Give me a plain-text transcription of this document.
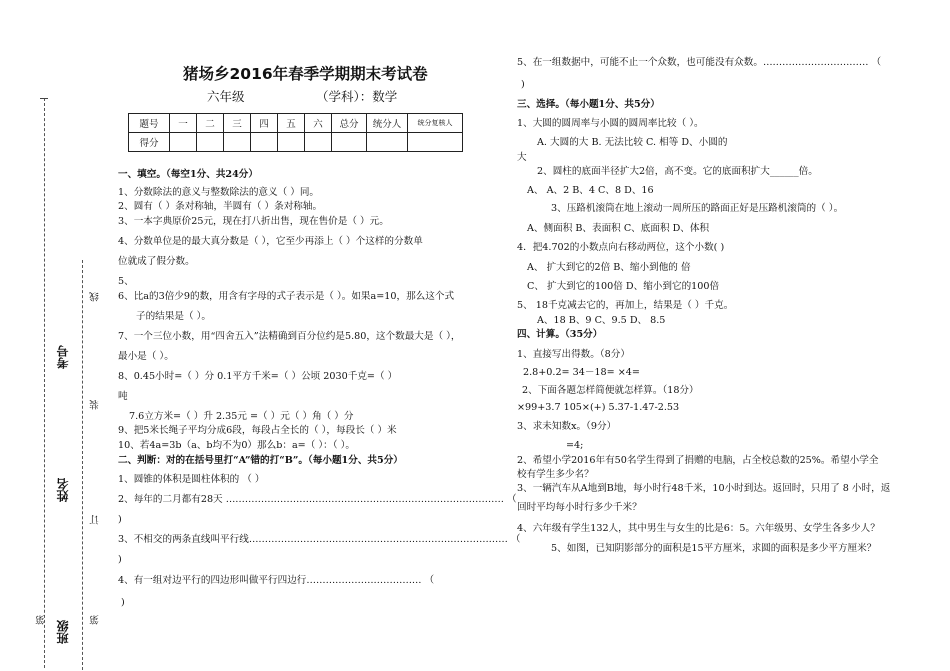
线
考号
装
姓名
订
第	第
班级
猪场乡2016年春季学期期末考试卷
六年级	（学科）：数学
题号	一	二	三	四	五	六	总分	统分人	统分复核人
得分									
一、填空。（每空1分、共24分）
1、分数除法的意义与整数除法的意义（ ）同。
2、圆有（ ）条对称轴，半圆有（ ）条对称轴。
3、一本字典原价25元，现在打八折出售，现在售价是（ ）元。
4、分数单位是的最大真分数是（ ），它至少再添上（ ）个这样的分数单
位就成了假分数。
5、
6、比a的3倍少9的数，用含有字母的式子表示是（ ）。如果a=10，那么这个式
子的结果是（ ）。
7、一个三位小数，用“四舍五入”法精确到百分位约是5.80，这个数最大是（ ），
最小是（ ）。
8、0.45小时=（ ）分 0.1平方千米=（ ）公顷 2030千克=（ ）
吨
7.6立方米=（ ）升 2.35元 =（ ）元（ ）角（ ）分
9、把5米长绳子平均分成6段，每段占全长的（ ），每段长（ ）米
10、若4a=3b（a、b均不为0）那么b：a=（ ）：（ ）。
二、判断：对的在括号里打“A”错的打“B”。（每小题1分、共5分）
1、圆锥的体积是圆柱体积的 （ ）
2、每年的二月都有28天 …………………………………………………………………………… （
)
3、不相交的两条直线叫平行线……………………………………………………………………… （
)
4、有一组对边平行的四边形叫做平行四边行……………………………… （
)
5、在一组数据中，可能不止一个众数，也可能没有众数。…………………………… （
)
三、选择。（每小题1分、共5分）
1、大圆的圆周率与小圆的圆周率比较（ ）。
A. 大圆的大 B. 无法比较 C. 相等 D、小圆的
大
2、圆柱的底面半径扩大2倍，高不变。它的底面积扩大______倍。
A、 A、2 B、4 C、8 D、16
3、压路机滚筒在地上滚动一周所压的路面正好是压路机滚筒的（ ）。
A、侧面积 B、表面积 C、底面积 D、体积
4．把4.702的小数点向右移动两位，这个小数( )
A、 扩大到它的2倍 B、缩小到他的 倍
C、 扩大到它的100倍 D、缩小到它的100倍
5、 18千克减去它的，再加上，结果是（ ）千克。
A、18 B、9 C、9.5 D、 8.5
四、计算。（35分）
1、直接写出得数。（8分）
2.8+0.2= 34－18= ×4=
2、下面各题怎样简便就怎样算。（18分）
×99+3.7 105×(+) 5.37-1.47-2.53
3、求未知数x。（9分）
=4;
2、希望小学2016年有50名学生得到了捐赠的电脑，占全校总数的25%。希望小学全
校有学生多少名？
3、一辆汽车从A地到B地，每小时行48千米，10小时到达。返回时，只用了 8 小时，返
回时平均每小时行多少千米？
4、六年级有学生132人，其中男生与女生的比是6：5。六年级男、女学生各多少人？
5、如图，已知阴影部分的面积是15平方厘米，求圆的面积是多少平方厘米？
